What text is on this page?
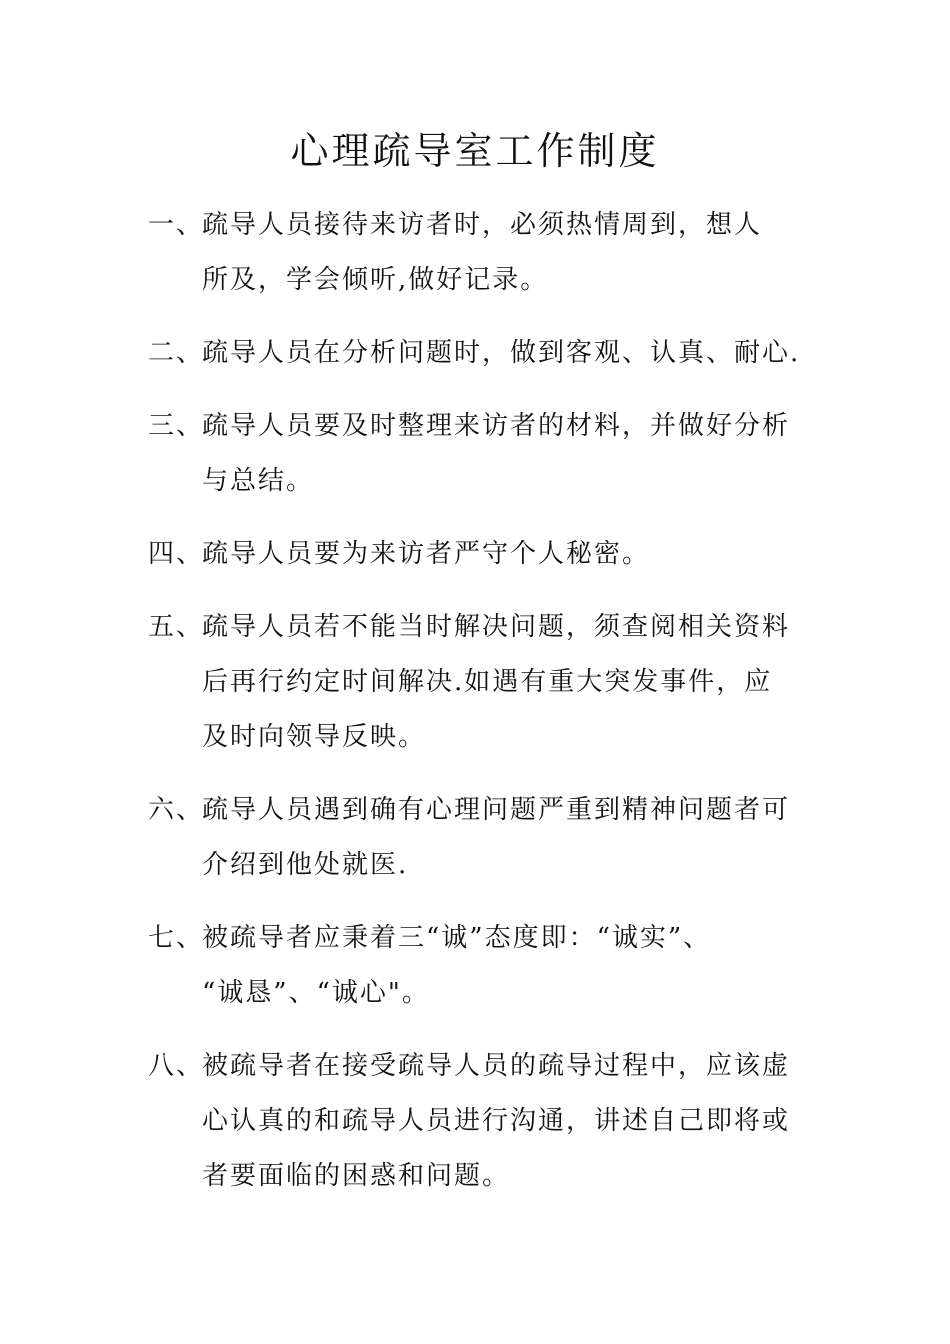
心理疏导室工作制度
一、
疏导人员接待来访者时，必须热情周到，想人
所及，学会倾听,做好记录。
二、
疏导人员在分析问题时，做到客观、认真、耐心.
三、
疏导人员要及时整理来访者的材料，并做好分析
与总结。
四、
疏导人员要为来访者严守个人秘密。
五、
疏导人员若不能当时解决问题，须查阅相关资料
后再行约定时间解决.如遇有重大突发事件，应
及时向领导反映。
六、
疏导人员遇到确有心理问题严重到精神问题者可
介绍到他处就医.
七、
被疏导者应秉着三“诚”态度即：“诚实”、
“诚恳”、“诚心"。
八、
被疏导者在接受疏导人员的疏导过程中，应该虚
心认真的和疏导人员进行沟通，讲述自己即将或
者要面临的困惑和问题。
